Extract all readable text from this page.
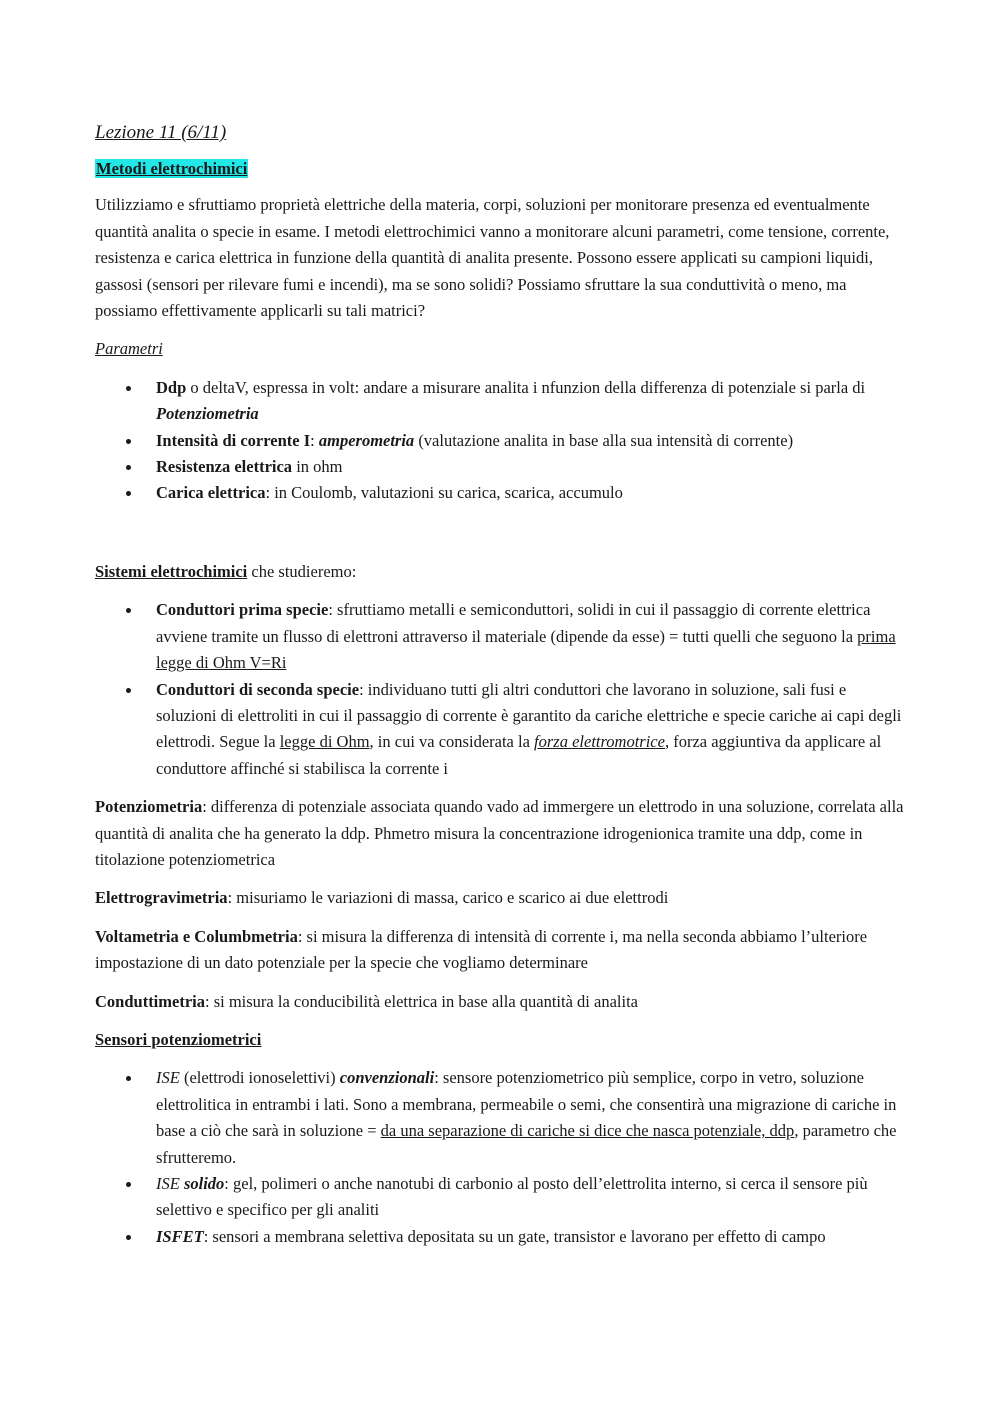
Lezione 11 (6/11)

Metodi elettrochimici

Utilizziamo e sfruttiamo proprietà elettriche della materia, corpi, soluzioni per monitorare presenza ed eventualmente quantità analita o specie in esame. I metodi elettrochimici vanno a monitorare alcuni parametri, come tensione, corrente, resistenza e carica elettrica in funzione della quantità di analita presente. Possono essere applicati su campioni liquidi, gassosi (sensori per rilevare fumi e incendi), ma se sono solidi? Possiamo sfruttare la sua conduttività o meno, ma possiamo effettivamente applicarli su tali matrici?

Parametri

Ddp o deltaV, espressa in volt: andare a misurare analita i nfunzion della differenza di potenziale si parla di Potenziometria
Intensità di corrente I: amperometria (valutazione analita in base alla sua intensità di corrente)
Resistenza elettrica in ohm
Carica elettrica: in Coulomb, valutazioni su carica, scarica, accumulo

Sistemi elettrochimici che studieremo:

Conduttori prima specie: sfruttiamo metalli e semiconduttori, solidi in cui il passaggio di corrente elettrica avviene tramite un flusso di elettroni attraverso il materiale (dipende da esse) = tutti quelli che seguono la prima legge di Ohm V=Ri
Conduttori di seconda specie: individuano tutti gli altri conduttori che lavorano in soluzione, sali fusi e soluzioni di elettroliti in cui il passaggio di corrente è garantito da cariche elettriche e specie cariche ai capi degli elettrodi. Segue la legge di Ohm, in cui va considerata la forza elettromotrice, forza aggiuntiva da applicare al conduttore affinché si stabilisca la corrente i

Potenziometria: differenza di potenziale associata quando vado ad immergere un elettrodo in una soluzione, correlata alla quantità di analita che ha generato la ddp. Phmetro misura la concentrazione idrogenionica tramite una ddp, come in titolazione potenziometrica

Elettrogravimetria: misuriamo le variazioni di massa, carico e scarico ai due elettrodi

Voltametria e Columbmetria: si misura la differenza di intensità di corrente i, ma nella seconda abbiamo l’ulteriore impostazione di un dato potenziale per la specie che vogliamo determinare

Conduttimetria: si misura la conducibilità elettrica in base alla quantità di analita

Sensori potenziometrici

ISE (elettrodi ionoselettivi) convenzionali: sensore potenziometrico più semplice, corpo in vetro, soluzione elettrolitica in entrambi i lati. Sono a membrana, permeabile o semi, che consentirà una migrazione di cariche in base a ciò che sarà in soluzione = da una separazione di cariche si dice che nasca potenziale, ddp, parametro che sfrutteremo.
ISE solido: gel, polimeri o anche nanotubi di carbonio al posto dell’elettrolita interno, si cerca il sensore più selettivo e specifico per gli analiti
ISFET: sensori a membrana selettiva depositata su un gate, transistor e lavorano per effetto di campo
